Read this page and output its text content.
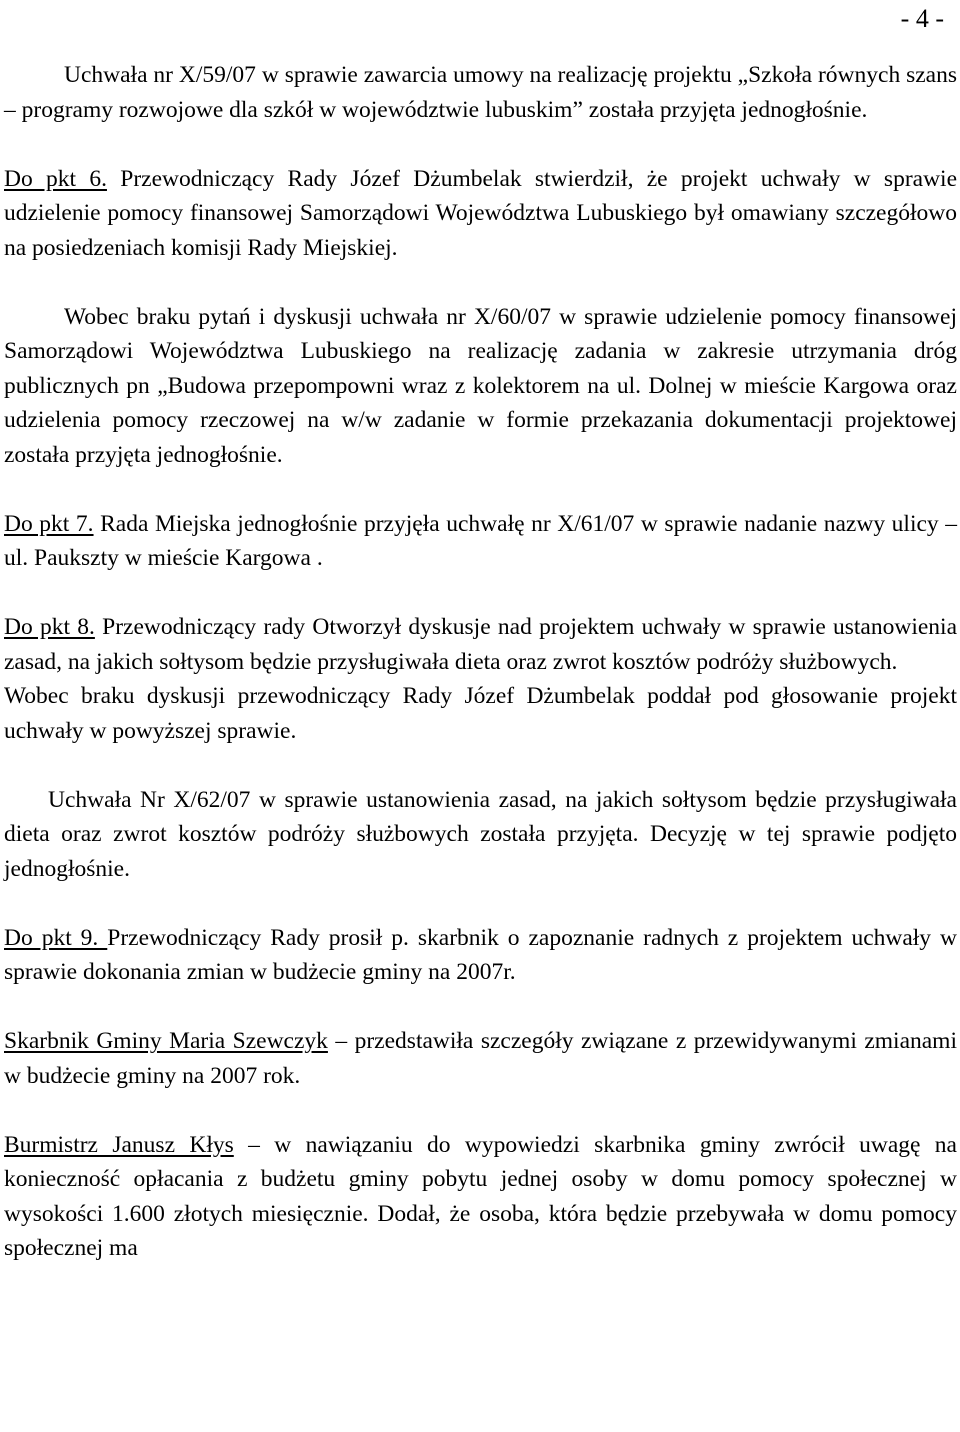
- 4 -

Uchwała nr X/59/07 w sprawie zawarcia umowy na realizację projektu „Szkoła równych szans – programy rozwojowe dla szkół w województwie lubuskim” została przyjęta jednogłośnie.

Do pkt 6. Przewodniczący Rady Józef Dżumbelak stwierdził, że projekt uchwały w sprawie udzielenie pomocy finansowej Samorządowi Województwa Lubuskiego był omawiany szczegółowo na posiedzeniach komisji Rady Miejskiej.

Wobec braku pytań i dyskusji uchwała nr X/60/07 w sprawie udzielenie pomocy finansowej Samorządowi Województwa Lubuskiego na realizację zadania w zakresie utrzymania dróg publicznych pn „Budowa przepompowni wraz z kolektorem na ul. Dolnej w mieście Kargowa oraz udzielenia pomocy rzeczowej na w/w zadanie w formie przekazania dokumentacji projektowej została przyjęta jednogłośnie.

Do pkt 7. Rada Miejska jednogłośnie przyjęła uchwałę nr X/61/07 w sprawie nadanie nazwy ulicy – ul. Paukszty w mieście Kargowa .

Do pkt 8. Przewodniczący rady Otworzył dyskusje nad projektem uchwały w sprawie ustanowienia zasad, na jakich sołtysom będzie przysługiwała dieta oraz zwrot kosztów podróży służbowych.

Wobec braku dyskusji przewodniczący Rady Józef Dżumbelak poddał pod głosowanie projekt uchwały w powyższej sprawie.

Uchwała Nr X/62/07 w sprawie ustanowienia zasad, na jakich sołtysom będzie przysługiwała dieta oraz zwrot kosztów podróży służbowych została przyjęta. Decyzję w tej sprawie podjęto jednogłośnie.

Do pkt 9. Przewodniczący Rady prosił p. skarbnik o zapoznanie radnych z projektem uchwały w sprawie dokonania zmian w budżecie gminy na 2007r.

Skarbnik Gminy Maria Szewczyk – przedstawiła szczegóły związane z przewidywanymi zmianami w budżecie gminy na 2007 rok.

Burmistrz Janusz Kłys – w nawiązaniu do wypowiedzi skarbnika gminy zwrócił uwagę na konieczność opłacania z budżetu gminy pobytu jednej osoby w domu pomocy społecznej w wysokości 1.600 złotych miesięcznie. Dodał, że osoba, która będzie przebywała w domu pomocy społecznej ma
